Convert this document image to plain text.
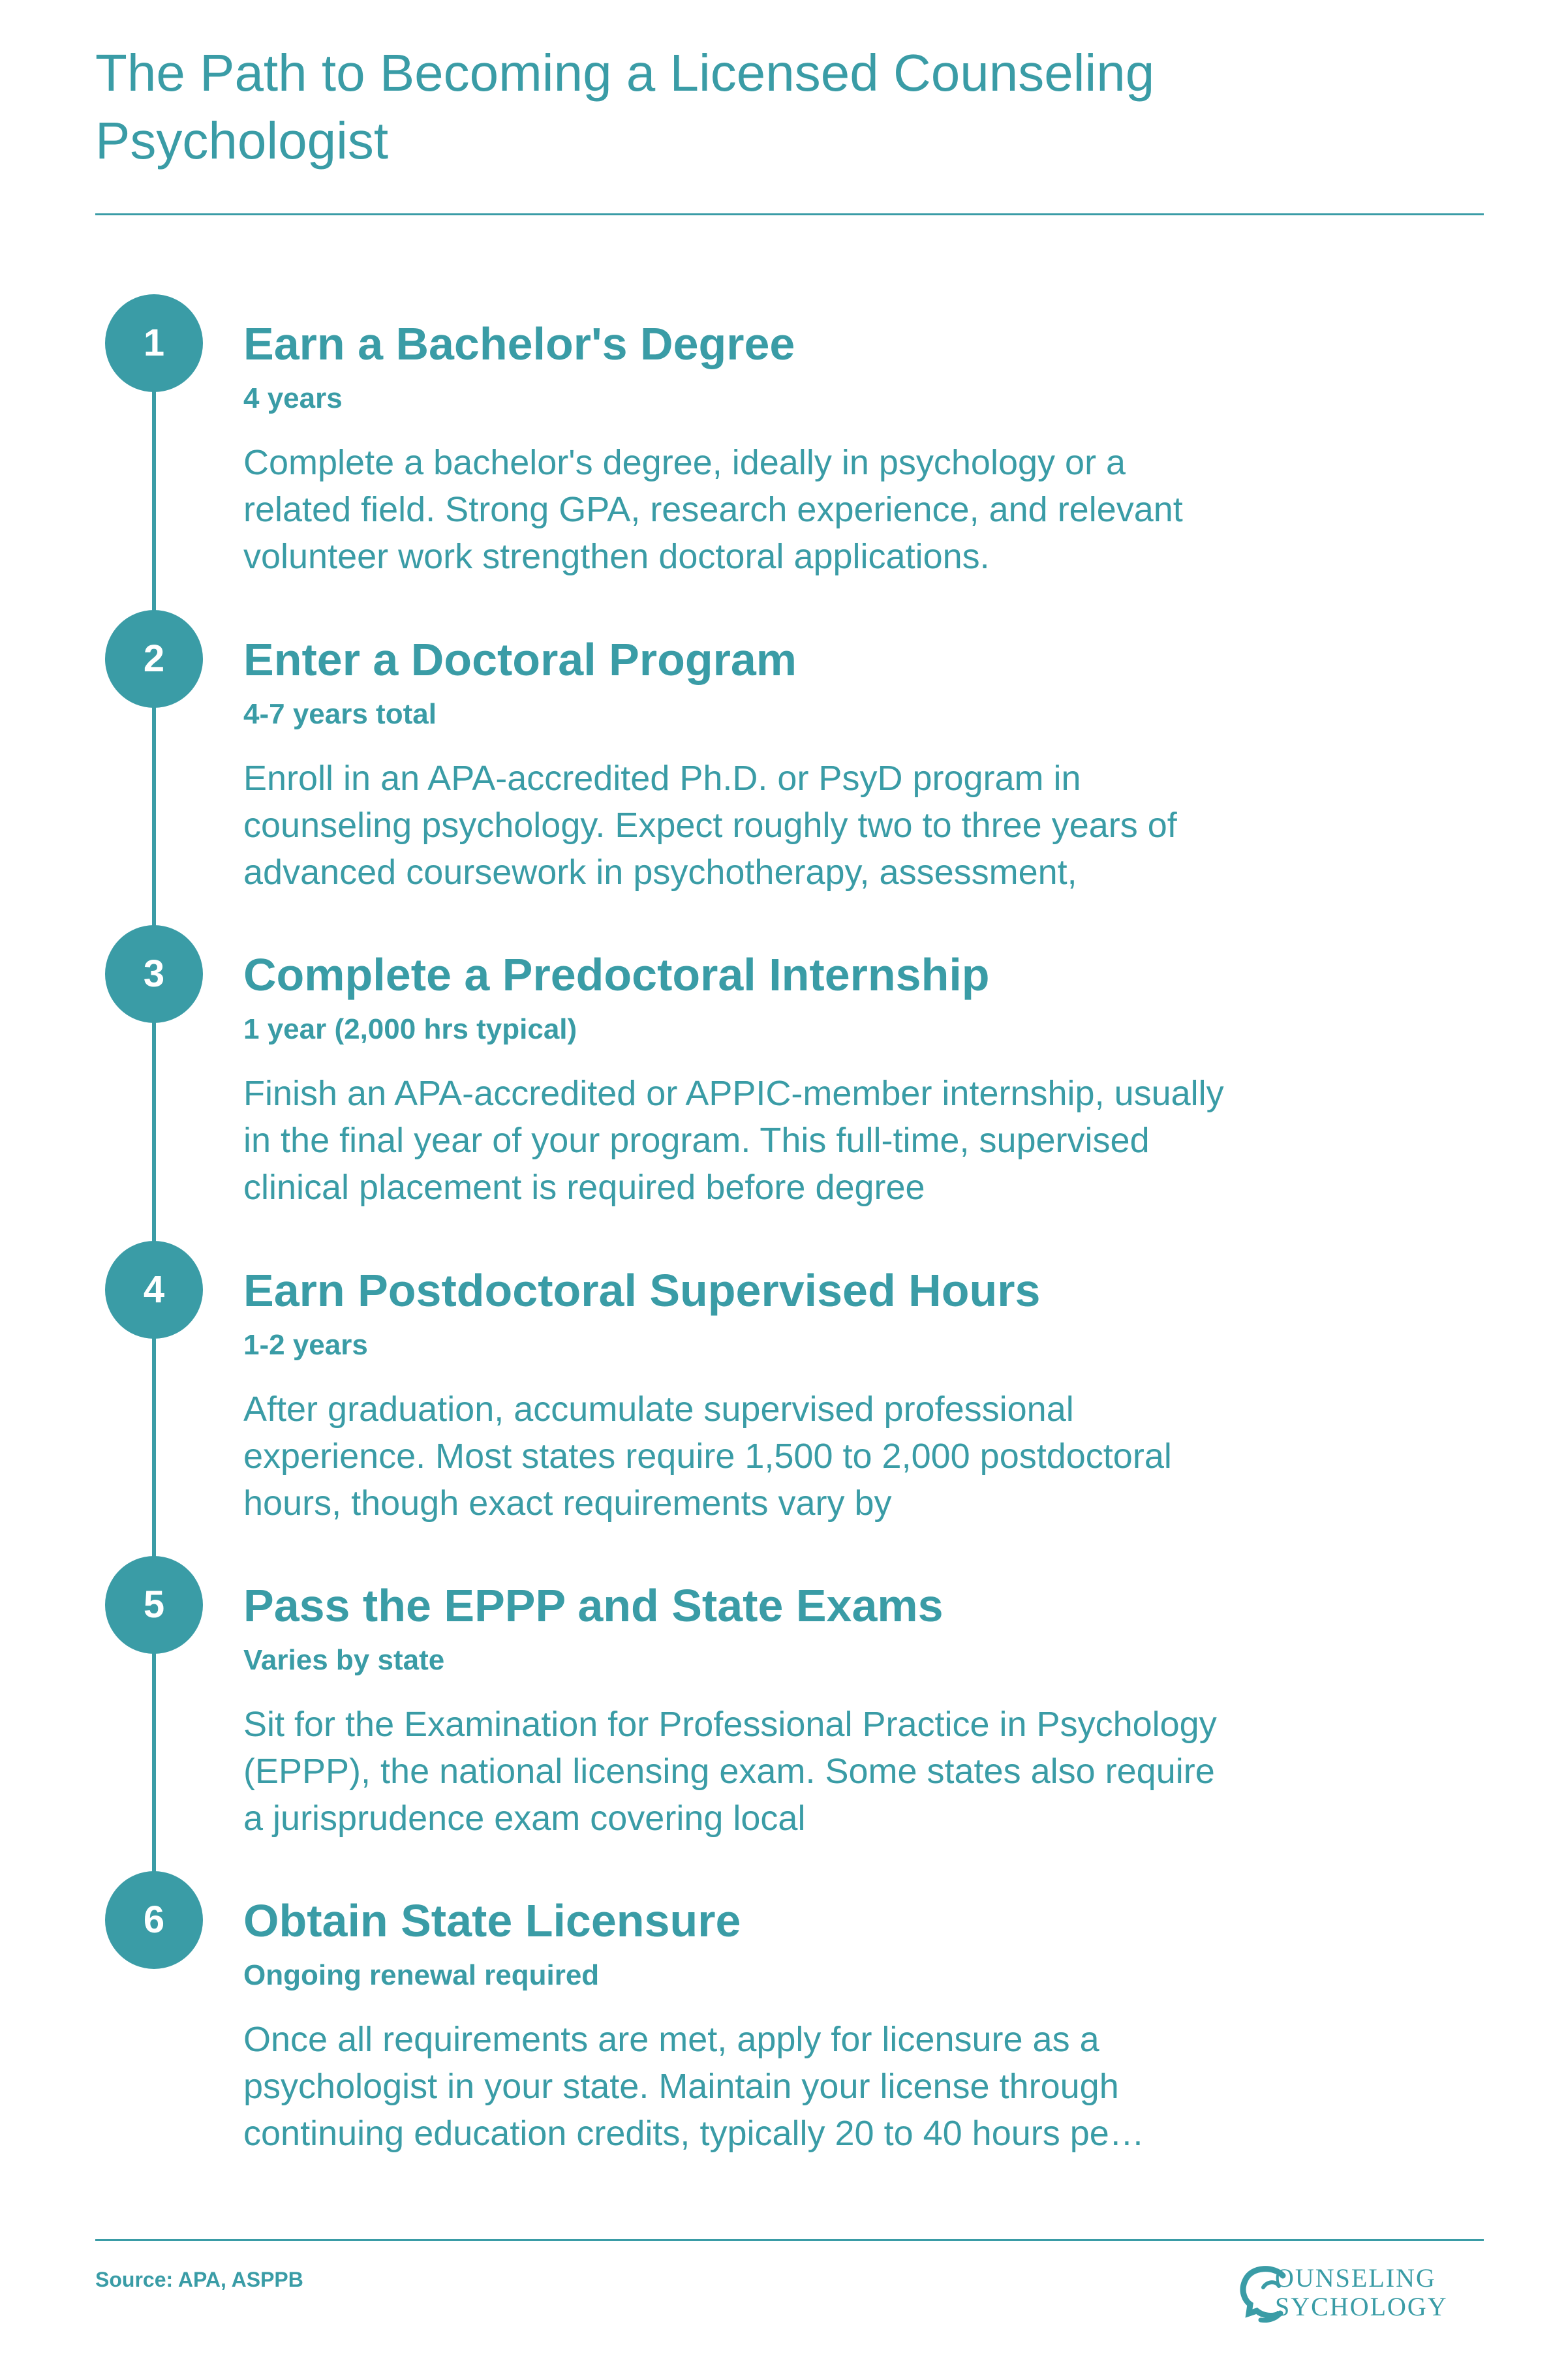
The Path to Becoming a Licensed Counseling Psychologist
1	Earn a Bachelor's Degree
4 years
Complete a bachelor's degree, ideally in psychology or a related field. Strong GPA, research experience, and relevant volunteer work strengthen doctoral applications.
2	Enter a Doctoral Program
4-7 years total
Enroll in an APA-accredited Ph.D. or PsyD program in counseling psychology. Expect roughly two to three years of advanced coursework in psychotherapy, assessment,
3	Complete a Predoctoral Internship
1 year (2,000 hrs typical)
Finish an APA-accredited or APPIC-member internship, usually in the final year of your program. This full-time, supervised clinical placement is required before degree
4	Earn Postdoctoral Supervised Hours
1-2 years
After graduation, accumulate supervised professional experience. Most states require 1,500 to 2,000 postdoctoral hours, though exact requirements vary by
5	Pass the EPPP and State Exams
Varies by state
Sit for the Examination for Professional Practice in Psychology (EPPP), the national licensing exam. Some states also require a jurisprudence exam covering local
6	Obtain State Licensure
Ongoing renewal required
Once all requirements are met, apply for licensure as a psychologist in your state. Maintain your license through continuing education credits, typically 20 to 40 hours pe…
Source: APA, ASPPB	OUNSELING
SYCHOLOGY
